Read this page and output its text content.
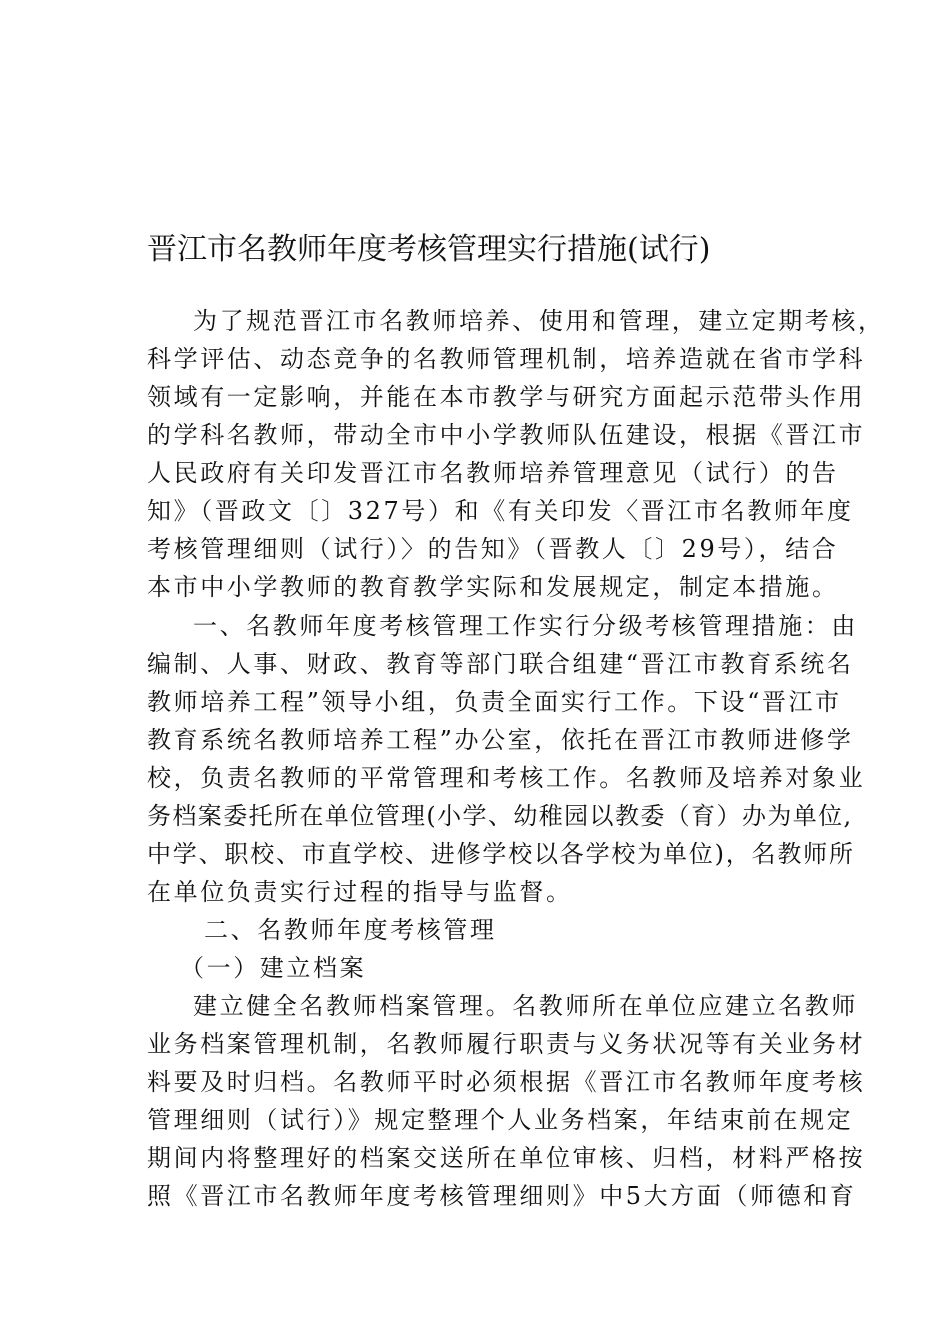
晋江市名教师年度考核管理实行措施(试行)
为了规范晋江市名教师培养、使用和管理，建立定期考核，
科学评估、动态竞争的名教师管理机制，培养造就在省市学科
领域有一定影响，并能在本市教学与研究方面起示范带头作用
的学科名教师，带动全市中小学教师队伍建设，根据《晋江市
人民政府有关印发晋江市名教师培养管理意见（试行）的告
知》（晋政文〔〕327号）和《有关印发〈晋江市名教师年度
考核管理细则（试行）〉的告知》（晋教人〔〕29号），结合
本市中小学教师的教育教学实际和发展规定，制定本措施。
一、名教师年度考核管理工作实行分级考核管理措施：由
编制、人事、财政、教育等部门联合组建“晋江市教育系统名
教师培养工程”领导小组，负责全面实行工作。下设“晋江市
教育系统名教师培养工程”办公室，依托在晋江市教师进修学
校，负责名教师的平常管理和考核工作。名教师及培养对象业
务档案委托所在单位管理(小学、幼稚园以教委（育）办为单位,
中学、职校、市直学校、进修学校以各学校为单位)，名教师所
在单位负责实行过程的指导与监督。
二、名教师年度考核管理
（一）建立档案
建立健全名教师档案管理。名教师所在单位应建立名教师
业务档案管理机制，名教师履行职责与义务状况等有关业务材
料要及时归档。名教师平时必须根据《晋江市名教师年度考核
管理细则（试行）》规定整理个人业务档案，年结束前在规定
期间内将整理好的档案交送所在单位审核、归档，材料严格按
照《晋江市名教师年度考核管理细则》中5大方面（师德和育
